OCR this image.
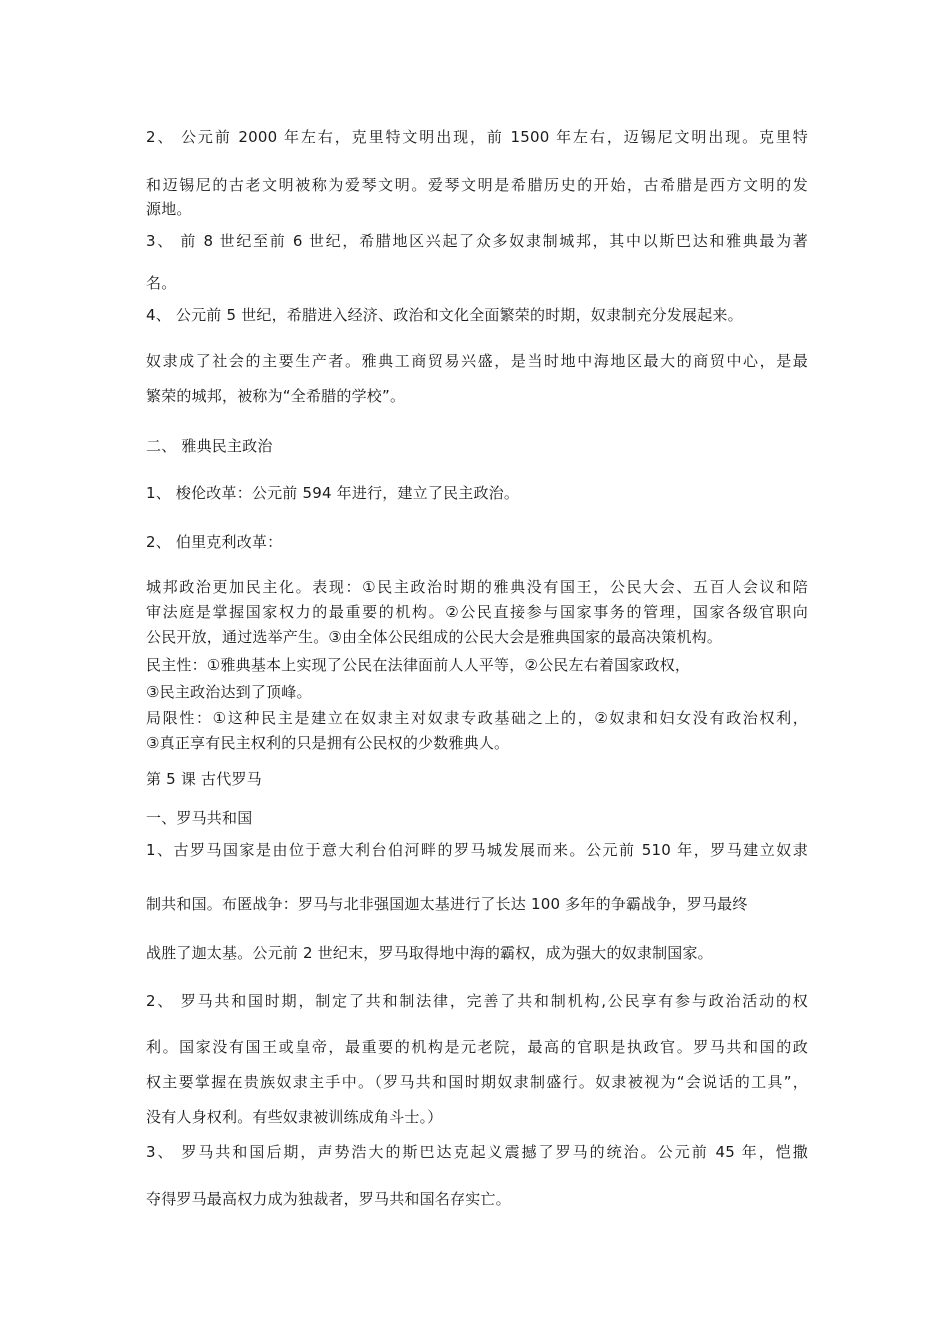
2、 公元前 2000 年左右，克里特文明出现，前 1500 年左右，迈锡尼文明出现。克里特
和迈锡尼的古老文明被称为爱琴文明。爱琴文明是希腊历史的开始，古希腊是西方文明的发
源地。
3、 前 8 世纪至前 6 世纪，希腊地区兴起了众多奴隶制城邦，其中以斯巴达和雅典最为著
名。
4、 公元前 5 世纪，希腊进入经济、政治和文化全面繁荣的时期，奴隶制充分发展起来。
奴隶成了社会的主要生产者。雅典工商贸易兴盛，是当时地中海地区最大的商贸中心，是最
繁荣的城邦，被称为“全希腊的学校”。
二、 雅典民主政治
1、 梭伦改革：公元前 594 年进行，建立了民主政治。
2、 伯里克利改革：
城邦政治更加民主化。表现：①民主政治时期的雅典没有国王，公民大会、五百人会议和陪
审法庭是掌握国家权力的最重要的机构。②公民直接参与国家事务的管理，国家各级官职向
公民开放，通过选举产生。③由全体公民组成的公民大会是雅典国家的最高决策机构。
民主性：①雅典基本上实现了公民在法律面前人人平等，②公民左右着国家政权，
③民主政治达到了顶峰。
局限性：①这种民主是建立在奴隶主对奴隶专政基础之上的，②奴隶和妇女没有政治权利，
③真正享有民主权利的只是拥有公民权的少数雅典人。
第 5 课 古代罗马
一、罗马共和国
1、古罗马国家是由位于意大利台伯河畔的罗马城发展而来。公元前 510 年，罗马建立奴隶
制共和国。布匿战争：罗马与北非强国迦太基进行了长达 100 多年的争霸战争，罗马最终
战胜了迦太基。公元前 2 世纪末，罗马取得地中海的霸权，成为强大的奴隶制国家。
2、 罗马共和国时期，制定了共和制法律，完善了共和制机构,公民享有参与政治活动的权
利。国家没有国王或皇帝，最重要的机构是元老院，最高的官职是执政官。罗马共和国的政
权主要掌握在贵族奴隶主手中。（罗马共和国时期奴隶制盛行。奴隶被视为“会说话的工具”，
没有人身权利。有些奴隶被训练成角斗士。）
3、 罗马共和国后期，声势浩大的斯巴达克起义震撼了罗马的统治。公元前 45 年，恺撒
夺得罗马最高权力成为独裁者，罗马共和国名存实亡。
